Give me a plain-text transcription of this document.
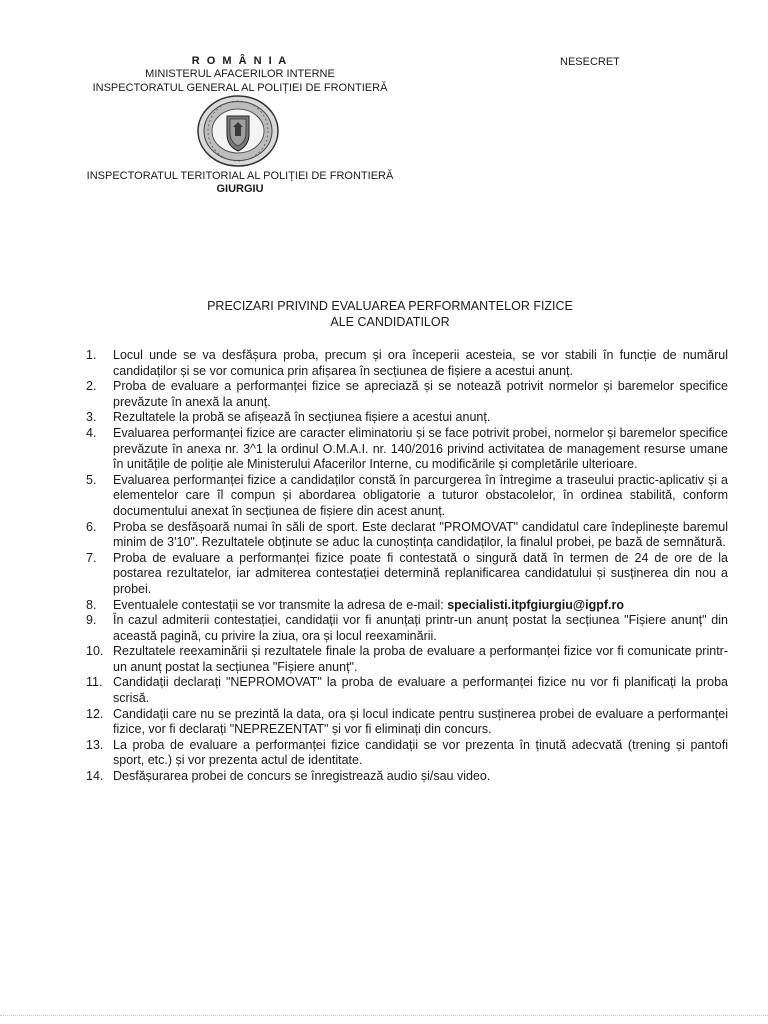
R O M Â N I A
MINISTERUL AFACERILOR INTERNE
INSPECTORATUL GENERAL AL POLIȚIEI DE FRONTIERĂ
NESECRET
INSPECTORATUL TERITORIAL AL POLIȚIEI DE FRONTIERĂ
GIURGIU
PRECIZARI PRIVIND EVALUAREA PERFORMANTELOR FIZICE
ALE CANDIDATILOR
1.	Locul unde se va desfășura proba, precum și ora începerii acesteia, se vor stabili în funcție de numărul candidaților și se vor comunica prin afișarea în secțiunea de fișiere a acestui anunț.
2.	Proba de evaluare a performanței fizice se apreciază și se notează potrivit normelor și baremelor specifice prevăzute în anexă la anunț.
3.	Rezultatele la probă se afișează în secțiunea fișiere a acestui anunț.
4.	Evaluarea performanței fizice are caracter eliminatoriu și se face potrivit probei, normelor și baremelor specifice prevăzute în anexa nr. 3^1 la ordinul O.M.A.I. nr. 140/2016 privind activitatea de management resurse umane în unitățile de poliție ale Ministerului Afacerilor Interne, cu modificările și completările ulterioare.
5.	Evaluarea performanței fizice a candidaților constă în parcurgerea în întregime a traseului practic-aplicativ și a elementelor care îl compun și abordarea obligatorie a tuturor obstacolelor, în ordinea stabilită, conform documentului anexat în secțiunea de fișiere din acest anunț.
6.	Proba se desfășoară numai în săli de sport. Este declarat "PROMOVAT" candidatul care îndeplinește baremul minim de 3'10". Rezultatele obținute se aduc la cunoștința candidaților, la finalul probei, pe bază de semnătură.
7.	Proba de evaluare a performanței fizice poate fi contestată o singură dată în termen de 24 de ore de la postarea rezultatelor, iar admiterea contestației determină replanificarea candidatului și susținerea din nou a probei.
8.	Eventualele contestații se vor transmite la adresa de e-mail: specialisti.itpfgiurgiu@igpf.ro
9.	În cazul admiterii contestației, candidații vor fi anunțați printr-un anunț postat la secțiunea "Fișiere anunț" din această pagină, cu privire la ziua, ora și locul reexaminării.
10. Rezultatele reexaminării și rezultatele finale la proba de evaluare a performanței fizice vor fi comunicate printr-un anunț postat la secțiunea "Fișiere anunț".
11. Candidații declarați "NEPROMOVAT" la proba de evaluare a performanței fizice nu vor fi planificați la proba scrisă.
12. Candidații care nu se prezintă la data, ora și locul indicate pentru susținerea probei de evaluare a performanței fizice, vor fi declarați "NEPREZENTAT" și vor fi eliminați din concurs.
13. La proba de evaluare a performanței fizice candidații se vor prezenta în ținută adecvată (trening și pantofi sport, etc.) și vor prezenta actul de identitate.
14. Desfășurarea probei de concurs se înregistrează audio și/sau video.
